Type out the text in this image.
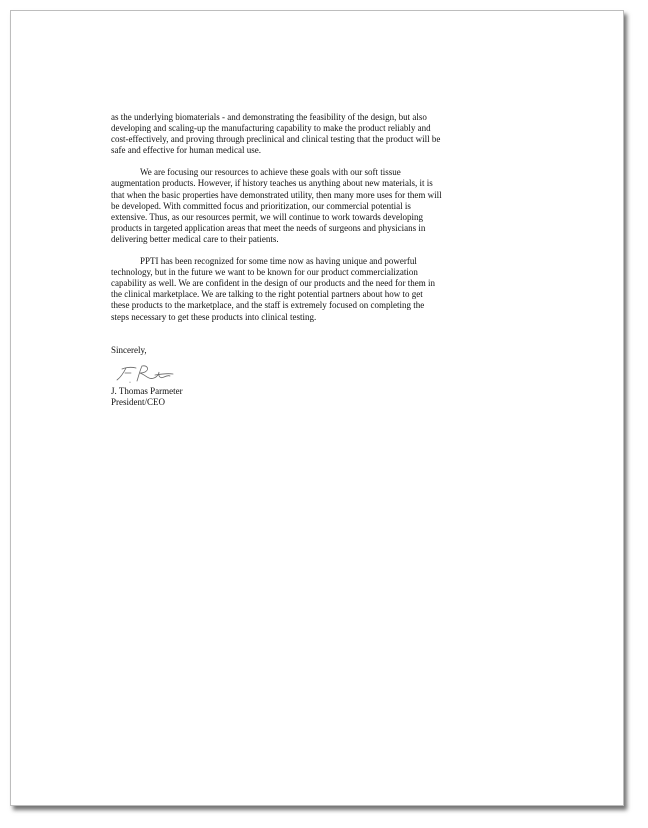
as the underlying biomaterials - and demonstrating the feasibility of the design, but also
developing and scaling-up the manufacturing capability to make the product reliably and
cost-effectively, and proving through preclinical and clinical testing that the product will be
safe and effective for human medical use.
We are focusing our resources to achieve these goals with our soft tissue
augmentation products. However, if history teaches us anything about new materials, it is
that when the basic properties have demonstrated utility, then many more uses for them will
be developed. With committed focus and prioritization, our commercial potential is
extensive. Thus, as our resources permit, we will continue to work towards developing
products in targeted application areas that meet the needs of surgeons and physicians in
delivering better medical care to their patients.
PPTI has been recognized for some time now as having unique and powerful
technology, but in the future we want to be known for our product commercialization
capability as well. We are confident in the design of our products and the need for them in
the clinical marketplace. We are talking to the right potential partners about how to get
these products to the marketplace, and the staff is extremely focused on completing the
steps necessary to get these products into clinical testing.
Sincerely,
J. Thomas Parmeter
President/CEO
